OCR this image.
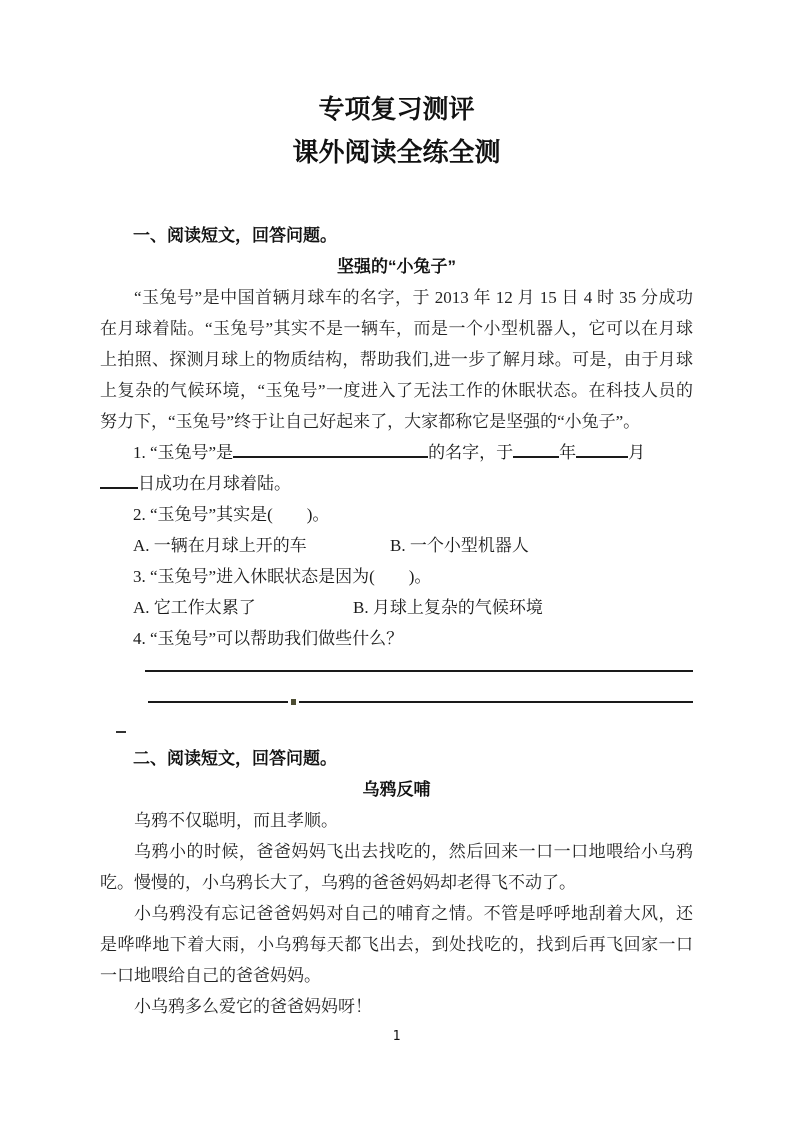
专项复习测评
课外阅读全练全测
一、阅读短文，回答问题。
坚强的“小兔子”
“玉兔号”是中国首辆月球车的名字，于 2013 年 12 月 15 日 4 时 35 分成功在月球着陆。“玉兔号”其实不是一辆车，而是一个小型机器人，它可以在月球上拍照、探测月球上的物质结构，帮助我们,进一步了解月球。可是，由于月球上复杂的气候环境，“玉兔号”一度进入了无法工作的休眠状态。在科技人员的努力下，“玉兔号”终于让自己好起来了，大家都称它是坚强的“小兔子”。
1. “玉兔号”是	的名字，于	年	月
日成功在月球着陆。
2. “玉兔号”其实是(　　)。
A. 一辆在月球上开的车	B. 一个小型机器人
3. “玉兔号”进入休眠状态是因为(　　)。
A. 它工作太累了	B. 月球上复杂的气候环境
4. “玉兔号”可以帮助我们做些什么？
二、阅读短文，回答问题。
乌鸦反哺
乌鸦不仅聪明，而且孝顺。
乌鸦小的时候，爸爸妈妈飞出去找吃的，然后回来一口一口地喂给小乌鸦吃。慢慢的，小乌鸦长大了，乌鸦的爸爸妈妈却老得飞不动了。
小乌鸦没有忘记爸爸妈妈对自己的哺育之情。不管是呼呼地刮着大风，还是哗哗地下着大雨，小乌鸦每天都飞出去，到处找吃的，找到后再飞回家一口一口地喂给自己的爸爸妈妈。
小乌鸦多么爱它的爸爸妈妈呀！
1
